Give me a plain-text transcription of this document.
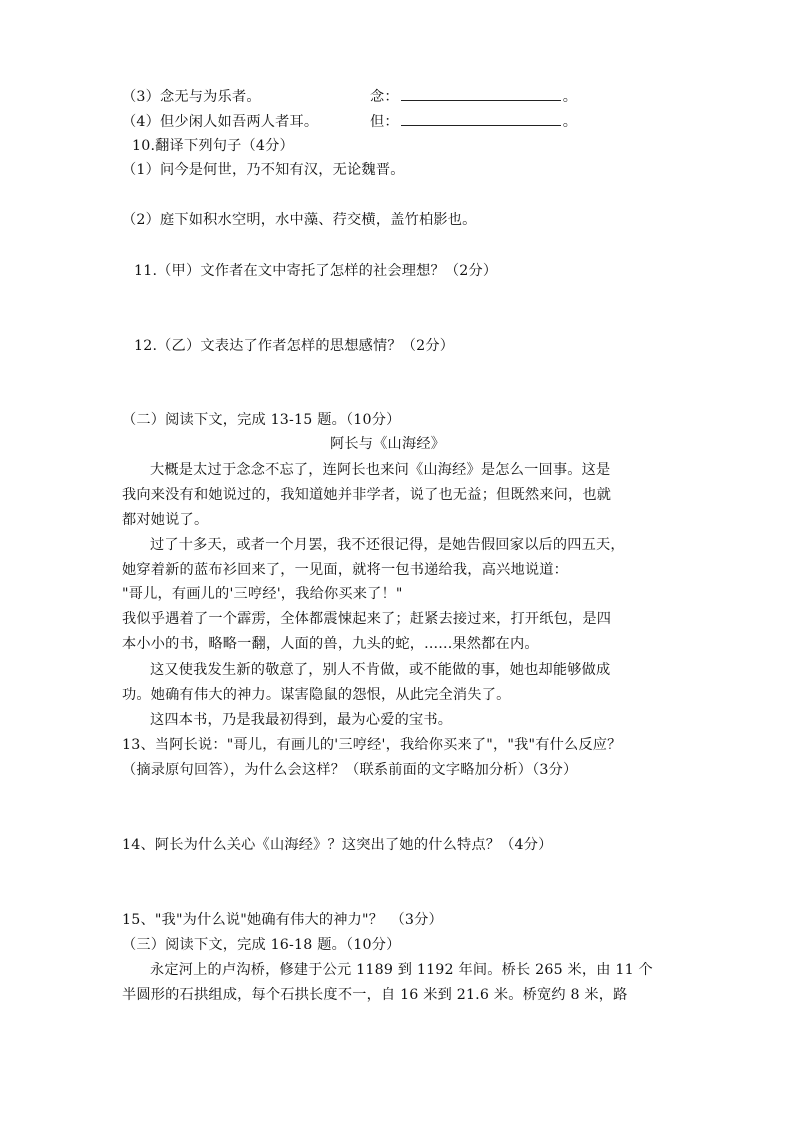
（3）念无与为乐者。	念：	。
（4）但少闲人如吾两人者耳。	但：	。
10.翻译下列句子（4分）
（1）问今是何世，乃不知有汉，无论魏晋。
（2）庭下如积水空明，水中藻、荇交横，盖竹柏影也。
11.（甲）文作者在文中寄托了怎样的社会理想？（2分）
12.（乙）文表达了作者怎样的思想感情？（2分）
（二）阅读下文，完成 13-15 题。（10分）
阿长与《山海经》
大概是太过于念念不忘了，连阿长也来问《山海经》是怎么一回事。这是
我向来没有和她说过的，我知道她并非学者，说了也无益；但既然来问，也就
都对她说了。
过了十多天，或者一个月罢，我不还很记得，是她告假回家以后的四五天，
她穿着新的蓝布衫回来了，一见面，就将一包书递给我，高兴地说道：
"哥儿，有画儿的'三哼经'，我给你买来了！"
我似乎遇着了一个霹雳，全体都震悚起来了；赶紧去接过来，打开纸包，是四
本小小的书，略略一翻，人面的兽，九头的蛇，......果然都在内。
这又使我发生新的敬意了，别人不肯做，或不能做的事，她也却能够做成
功。她确有伟大的神力。谋害隐鼠的怨恨，从此完全消失了。
这四本书，乃是我最初得到，最为心爱的宝书。
13、当阿长说："哥儿，有画儿的'三哼经'，我给你买来了"，"我"有什么反应？
（摘录原句回答），为什么会这样？（联系前面的文字略加分析）（3分）
14、阿长为什么关心《山海经》？这突出了她的什么特点？（4分）
15、"我"为什么说"她确有伟大的神力"？　（3分）
（三）阅读下文，完成 16-18 题。（10分）
永定河上的卢沟桥，修建于公元 1189 到 1192 年间。桥长 265 米，由 11 个
半圆形的石拱组成，每个石拱长度不一，自 16 米到 21.6 米。桥宽约 8 米，路
